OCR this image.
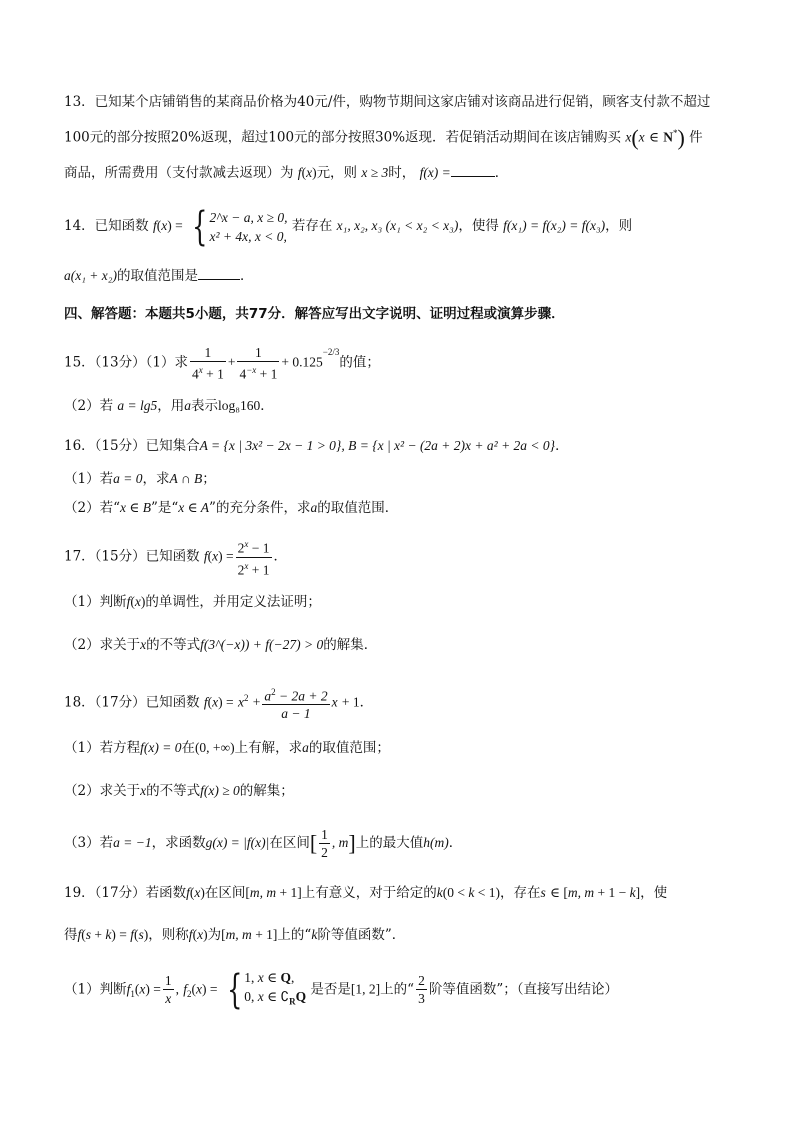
13．已知某个店铺销售的某商品价格为40元/件，购物节期间这家店铺对该商品进行促销，顾客支付款不超过
100元的部分按照20%返现，超过100元的部分按照30%返现．若促销活动期间在该店铺购买 x(x ∈ N*) 件
商品，所需费用（支付款减去返现）为 f(x)元，则 x ≥ 3时， f(x) =	．
14．已知函数 f(x) = { 2^x − a, x ≥ 0,
x² + 4x, x < 0,
若存在 x₁, x₂, x₃ (x₁ < x₂ < x₃)，使得 f(x₁) = f(x₂) = f(x₃)，则
a(x₁ + x₂)的取值范围是	．
四、解答题：本题共5小题，共77分．解答应写出文字说明、证明过程或演算步骤．
15．（13分）（1）求 $\frac{1}{4^x + 1} + \frac{1}{4^{-x} + 1} + 0.125^{-2/3}$的值；
（2）若 a = lg5，用a表示log₈160．
16．（15分）已知集合A = {x | 3x² − 2x − 1 > 0}, B = {x | x² − (2a + 2)x + a² + 2a < 0}．
（1）若a = 0，求A ∩ B；
（2）若“x ∈ B”是“x ∈ A”的充分条件，求a的取值范围．
17．（15分）已知函数 $f(x) = \frac{2^x - 1}{2^x + 1}$ ．
（1）判断f(x)的单调性，并用定义法证明；
（2）求关于x的不等式f(3^(−x)) + f(−27) > 0的解集．
18．（17分）已知函数 $f(x) = x^2 + \frac{a^2 - 2a + 2}{a - 1}$ x + 1．
（1）若方程f(x) = 0在(0, +∞)上有解，求a的取值范围；
（2）求关于x的不等式f(x) ≥ 0的解集；
（3）若a = −1，求函数g(x) = |f(x)|在区间[ $\frac{1}{2}$ , m]上的最大值h(m)．
19．（17分）若函数f(x)在区间[m, m + 1]上有意义，对于给定的k(0 < k < 1)，存在s ∈ [m, m + 1 − k]，使
得f(s + k) = f(s)，则称f(x)为[m, m + 1]上的“k阶等值函数”．
（1）判断$f_1(x) = \frac{1}{x}$ , $f_2(x)$ = { 1, x ∈ Q,
0, x ∈ $∁_RQ$ 是否是[1, 2]上的“ $\frac{2}{3}$ 阶等值函数”；（直接写出结论）
